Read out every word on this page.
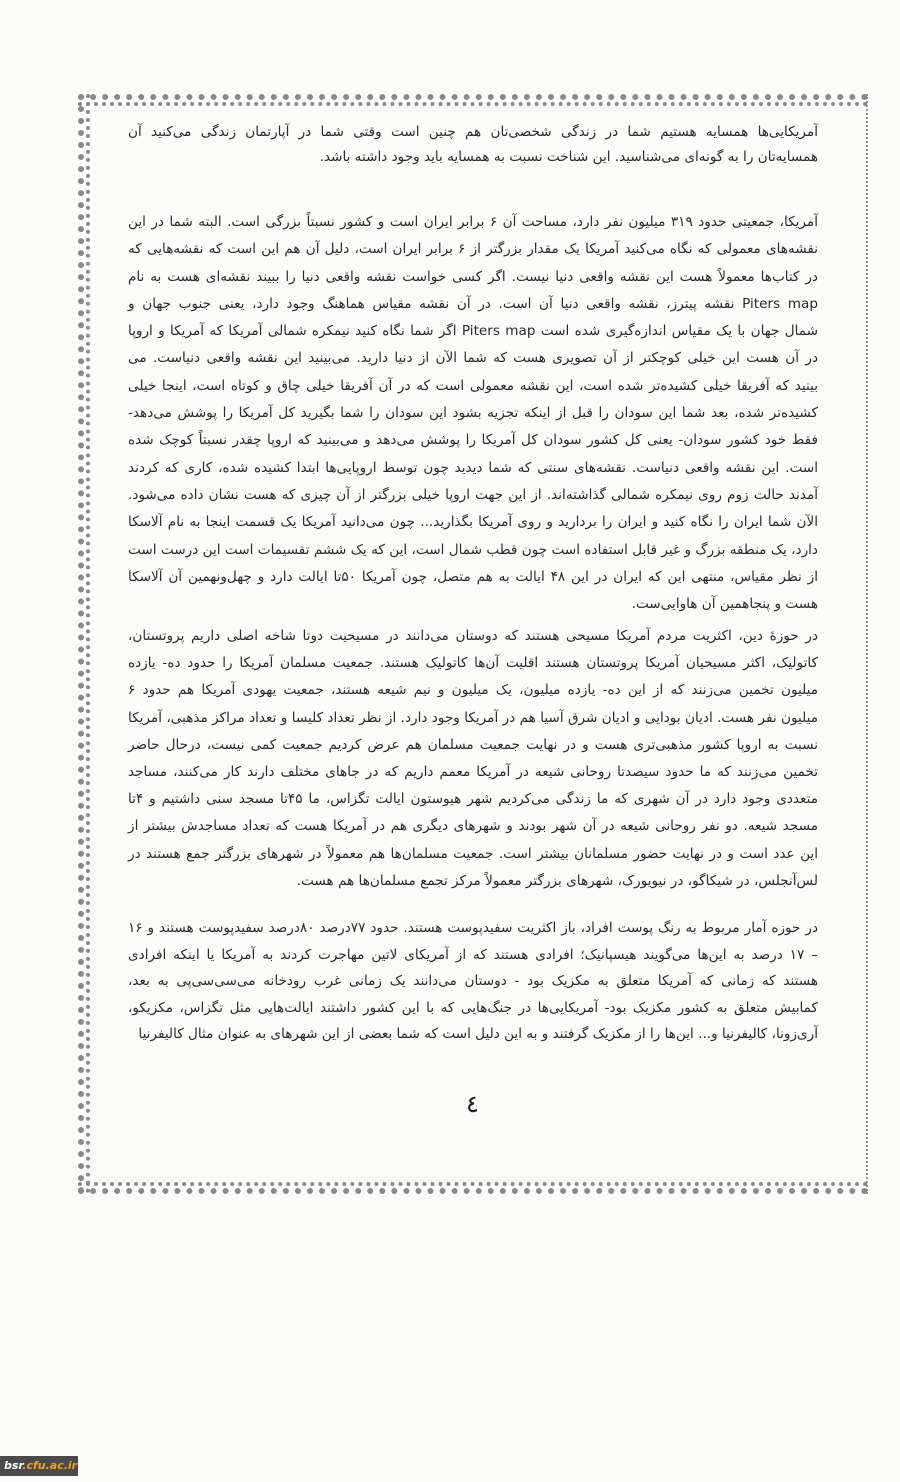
آمریکایی‌ها همسایه هستیم شما در زندگی شخصی‌تان هم چنین است وقتی شما در آپارتمان زندگی می‌کنید آن
همسایه‌تان را به گونه‌ای می‌شناسید. این شناخت نسبت به همسایه باید وجود داشته باشد.
آمریکا، جمعیتی حدود ۳۱۹ میلیون نفر دارد، مساحت آن ۶ برابر ایران است و کشور نسبتاً بزرگی است. البته شما در این
نقشه‌های معمولی که نگاه می‌کنید آمریکا یک مقدار بزرگتر از ۶ برابر ایران است، دلیل آن هم این است که نقشه‌هایی که
در کتاب‌ها معمولاً هست این نقشه واقعی دنیا نیست. اگر کسی خواست نقشه واقعی دنیا را ببیند نقشه‌ای هست به نام
Piters map نقشه پیترز، نقشه واقعی دنیا آن است. در آن نقشه مقیاس هماهنگ وجود دارد، یعنی جنوب جهان و
شمال جهان با یک مقیاس اندازه‌گیری شده است Piters map اگر شما نگاه کنید نیمکره شمالی آمریکا که آمریکا و اروپا
در آن هست این خیلی کوچکتر از آن تصویری هست که شما الآن از دنیا دارید. می‌بینید این نقشه واقعی دنیاست. می
بینید که آفریقا خیلی کشیده‌تر شده است، این نقشه معمولی است که در آن آفریقا خیلی چاق و کوتاه است، اینجا خیلی
کشیده‌تر شده، بعد شما این سودان را قبل از اینکه تجزیه بشود این سودان را شما بگیرید کل آمریکا را پوشش می‌دهد-
فقط خود کشور سودان- یعنی کل کشور سودان کل آمریکا را پوشش می‌دهد و می‌بینید که اروپا چقدر نسبتاً کوچک شده
است. این نقشه واقعی دنیاست. نقشه‌های سنتی که شما دیدید چون توسط اروپایی‌ها ابتدا کشیده شده، کاری که کردند
آمدند حالت زوم روی نیمکره شمالی گذاشته‌اند. از این جهت اروپا خیلی بزرگتر از آن چیزی که هست نشان داده می‌شود.
الآن شما ایران را نگاه کنید و ایران را بردارید و روی آمریکا بگذارید... چون می‌دانید آمریکا یک قسمت اینجا به نام آلاسکا
دارد، یک منطقه بزرگ و غیر قابل استفاده است چون قطب شمال است، این که یک ششم تقسیمات است این درست است
از نظر مقیاس، منتهی این که ایران در این ۴۸ ایالت به هم متصل، چون آمریکا ۵۰تا ایالت دارد و چهل‌ونهمین آن آلاسکا
هست و پنجاهمین آن هاوایی‌ست.
در حوزهٔ دین، اکثریت مردم آمریکا مسیحی هستند که دوستان می‌دانند در مسیحیت دوتا شاخه اصلی داریم پروتستان،
کاتولیک، اکثر مسیحیان آمریکا پروتستان هستند اقلیت آن‌ها کاتولیک هستند. جمعیت مسلمان آمریکا را حدود ده- یازده
میلیون تخمین می‌زنند که از این ده- یازده میلیون، یک میلیون و نیم شیعه هستند، جمعیت یهودی آمریکا هم حدود ۶
میلیون نفر هست. ادیان بودایی و ادیان شرق آسیا هم در آمریکا وجود دارد. از نظر تعداد کلیسا و تعداد مراکز مذهبی، آمریکا
نسبت به اروپا کشور مذهبی‌تری هست و در نهایت جمعیت مسلمان هم عرض کردیم جمعیت کمی نیست، درحال حاضر
تخمین می‌زنند که ما حدود سیصدتا روحانی شیعه در آمریکا معمم داریم که در جاهای مختلف دارند کار می‌کنند، مساجد
متعددی وجود دارد در آن شهری که ما زندگی می‌کردیم شهر هیوستون ایالت تگزاس، ما ۴۵تا مسجد سنی داشتیم و ۴تا
مسجد شیعه. دو نفر روحانی شیعه در آن شهر بودند و شهرهای دیگری هم در آمریکا هست که تعداد مساجدش بیشتر از
این عدد است و در نهایت حضور مسلمانان بیشتر است. جمعیت مسلمان‌ها هم معمولاً در شهرهای بزرگتر جمع هستند در
لس‌آنجلس، در شیکاگو، در نیویورک، شهرهای بزرگتر معمولاً مرکز تجمع مسلمان‌ها هم هست.
در حوزه آمار مربوط به رنگ پوست افراد، باز اکثریت سفیدپوست هستند. حدود ۷۷درصد ۸۰درصد سفیدپوست هستند و ۱۶
– ۱۷ درصد به این‌ها می‌گویند هیسپانیک؛ افرادی هستند که از آمریکای لاتین مهاجرت کردند به آمریکا یا اینکه افرادی
هستند که زمانی که آمریکا متعلق به مکزیک بود - دوستان می‌دانند یک زمانی غرب رودخانه می‌سی‌سی‌پی به بعد،
کمابیش متعلق به کشور مکزیک بود- آمریکایی‌ها در جنگ‌هایی که با این کشور داشتند ایالت‌هایی مثل تگزاس، مکزیکو،
آری‌زونا، کالیفرنیا و... این‌ها را از مکزیک گرفتند و به این دلیل است که شما بعضی از این شهرهای به عنوان مثال کالیفرنیا
٤
bsr.cfu.ac.ir
